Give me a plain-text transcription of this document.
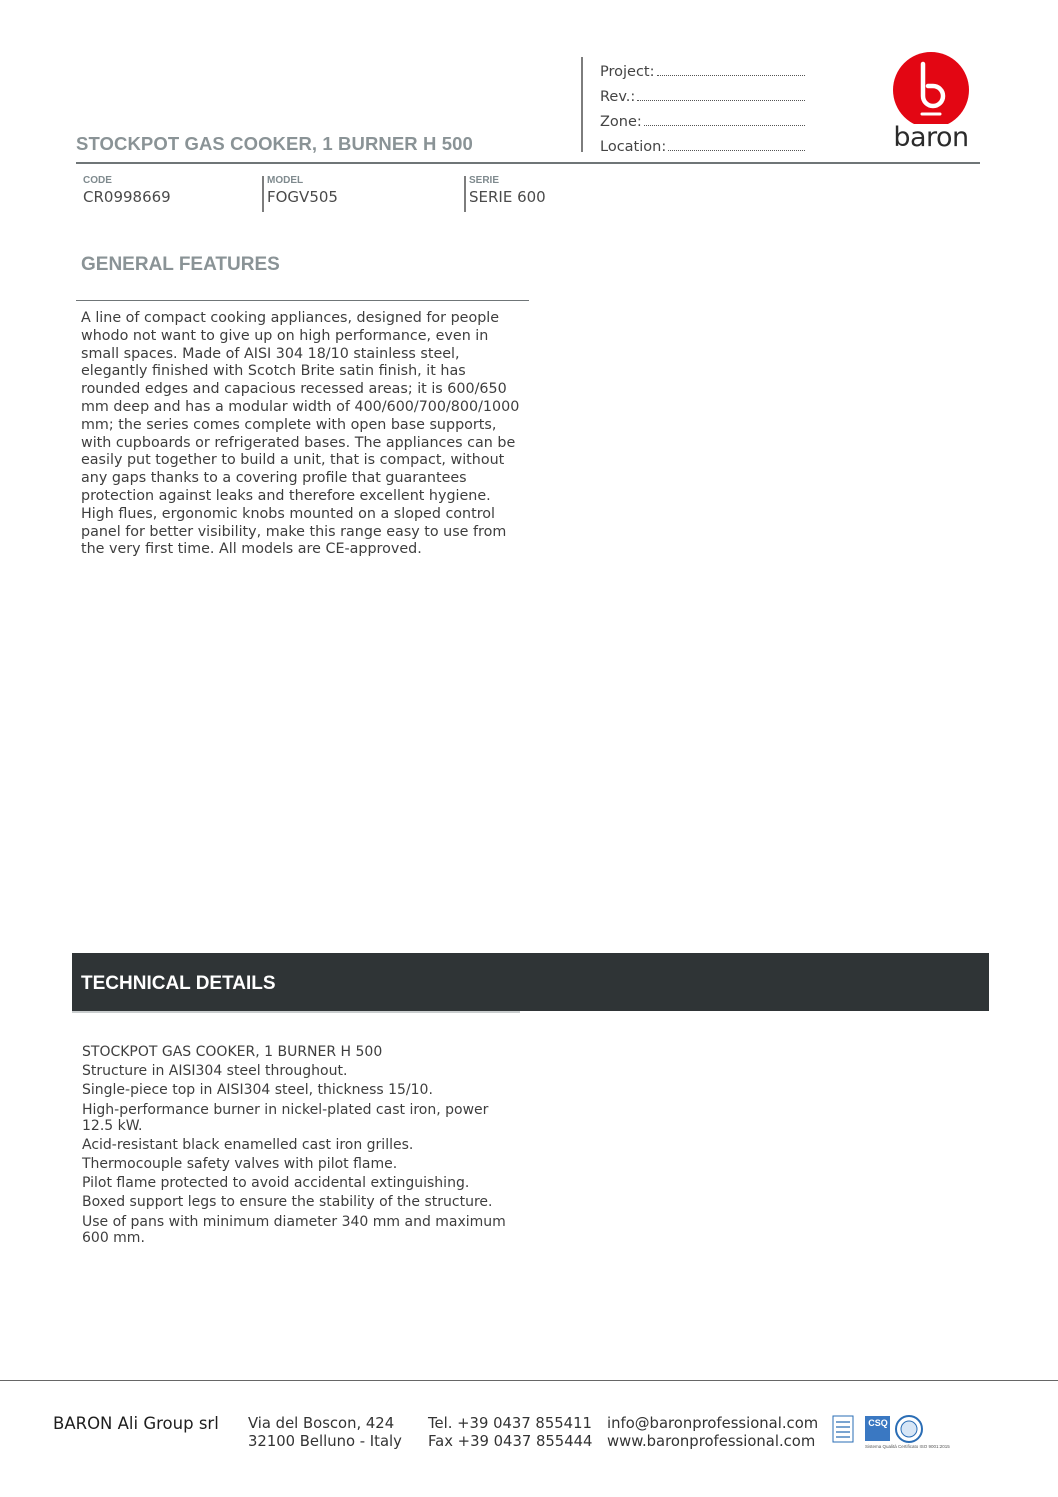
STOCKPOT GAS COOKER, 1 BURNER H 500
Project:
Rev.:
Zone:
Location:	baron
CODE
CR0998669
MODEL
FOGV505
SERIE
SERIE 600
GENERAL FEATURES
A line of compact cooking appliances, designed for people whodo not want to give up on high performance, even in small spaces. Made of AISI 304 18/10 stainless steel, elegantly finished with Scotch Brite satin finish, it has rounded edges and capacious recessed areas; it is 600/650 mm deep and has a modular width of 400/600/700/800/1000 mm; the series comes complete with open base supports, with cupboards or refrigerated bases. The appliances can be easily put together to build a unit, that is compact, without any gaps thanks to a covering profile that guarantees protection against leaks and therefore excellent hygiene. High flues, ergonomic knobs mounted on a sloped control panel for better visibility, make this range easy to use from the very first time. All models are CE-approved.
TECHNICAL DETAILS
STOCKPOT GAS COOKER, 1 BURNER H 500
Structure in AISI304 steel throughout.
Single-piece top in AISI304 steel, thickness 15/10.
High-performance burner in nickel-plated cast iron, power 12.5 kW.
Acid-resistant black enamelled cast iron grilles.
Thermocouple safety valves with pilot flame.
Pilot flame protected to avoid accidental extinguishing.
Boxed support legs to ensure the stability of the structure.
Use of pans with minimum diameter 340 mm and maximum 600 mm.
BARON Ali Group srl Via del Boscon, 424
32100 Belluno - Italy
Tel. +39 0437 855411
Fax +39 0437 855444
info@baronprofessional.com
www.baronprofessional.com
CSQ
Sistema Qualità Certificato ISO 9001:2015
